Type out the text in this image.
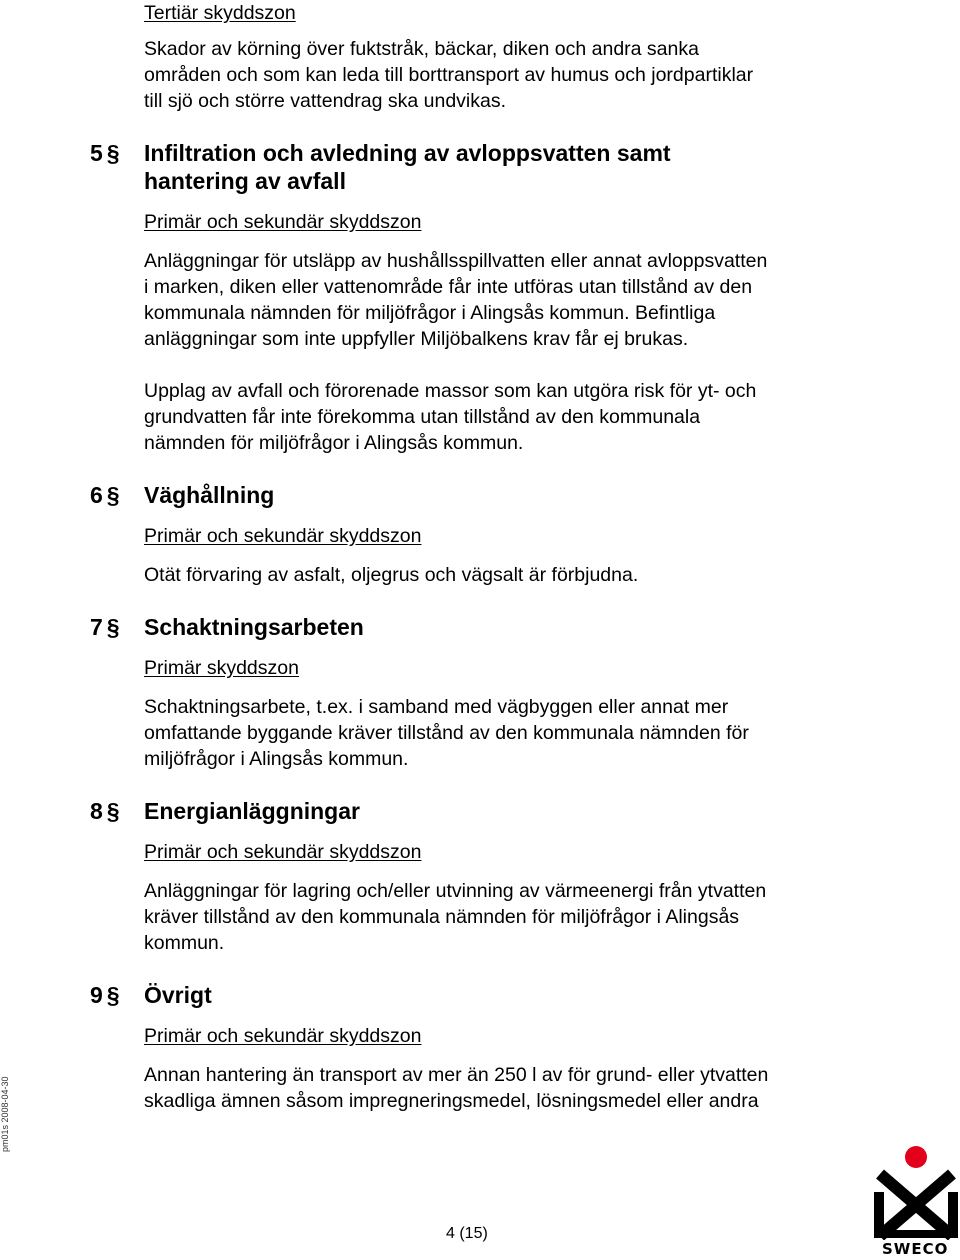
Tertiär skyddszon
Skador av körning över fuktstråk, bäckar, diken och andra sanka
områden och som kan leda till borttransport av humus och jordpartiklar
till sjö och större vattendrag ska undvikas.
5 § Infiltration och avledning av avloppsvatten samt
hantering av avfall
Primär och sekundär skyddszon
Anläggningar för utsläpp av hushållsspillvatten eller annat avloppsvatten
i marken, diken eller vattenområde får inte utföras utan tillstånd av den
kommunala nämnden för miljöfrågor i Alingsås kommun. Befintliga
anläggningar som inte uppfyller Miljöbalkens krav får ej brukas.
Upplag av avfall och förorenade massor som kan utgöra risk för yt- och
grundvatten får inte förekomma utan tillstånd av den kommunala
nämnden för miljöfrågor i Alingsås kommun.
6 § Väghållning
Primär och sekundär skyddszon
Otät förvaring av asfalt, oljegrus och vägsalt är förbjudna.
7 § Schaktningsarbeten
Primär skyddszon
Schaktningsarbete, t.ex. i samband med vägbyggen eller annat mer
omfattande byggande kräver tillstånd av den kommunala nämnden för
miljöfrågor i Alingsås kommun.
8 § Energianläggningar
Primär och sekundär skyddszon
Anläggningar för lagring och/eller utvinning av värmeenergi från ytvatten
kräver tillstånd av den kommunala nämnden för miljöfrågor i Alingsås
kommun.
9 § Övrigt
Primär och sekundär skyddszon
Annan hantering än transport av mer än 250 l av för grund- eller ytvatten
skadliga ämnen såsom impregneringsmedel, lösningsmedel eller andra
pm01s 2008-04-30
4 (15)
SWECO
